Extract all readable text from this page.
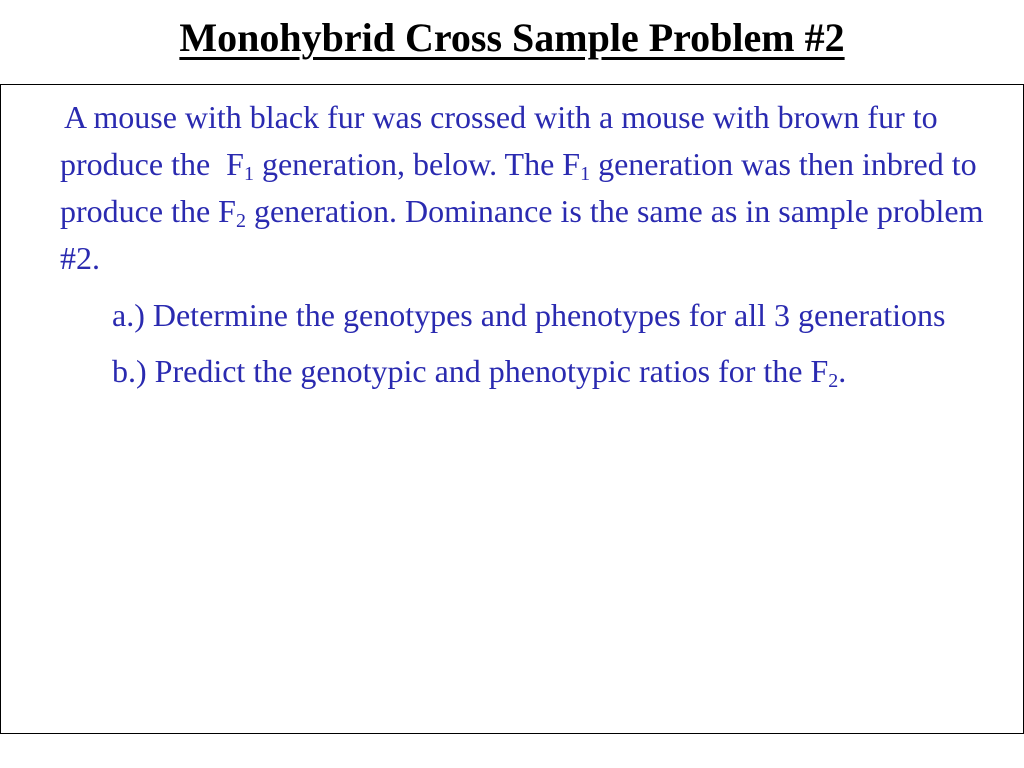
Monohybrid Cross Sample Problem #2

A mouse with black fur was crossed with a mouse with brown fur to produce the  $F_1$ generation, below. The $F_1$ generation was then inbred to produce the $F_2$ generation. Dominance is the same as in sample problem #2.

a.) Determine the genotypes and phenotypes for all 3 generations
b.) Predict the genotypic and phenotypic ratios for the $F_2$.
